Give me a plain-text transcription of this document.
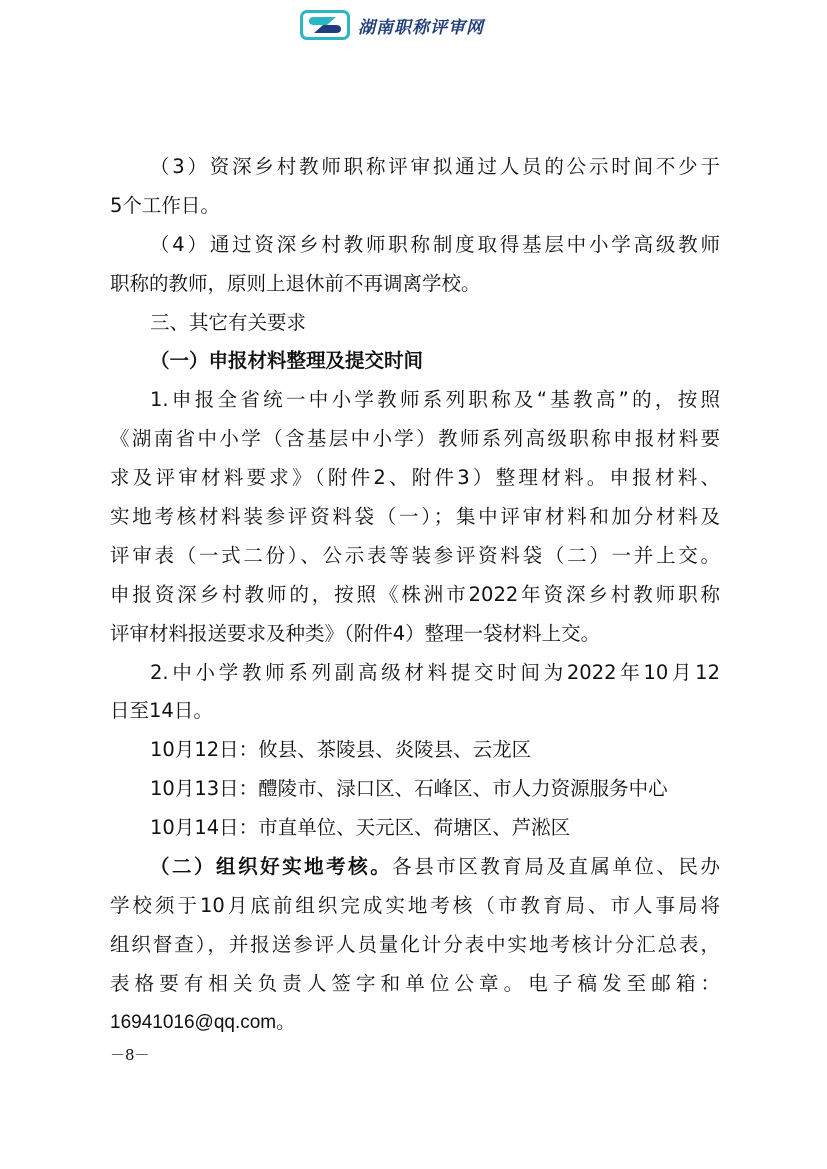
湖南职称评审网
（3）资深乡村教师职称评审拟通过人员的公示时间不少于
5个工作日。
（4）通过资深乡村教师职称制度取得基层中小学高级教师
职称的教师，原则上退休前不再调离学校。
三、其它有关要求
（一）申报材料整理及提交时间
1.申报全省统一中小学教师系列职称及“基教高”的，按照
《湖南省中小学（含基层中小学）教师系列高级职称申报材料要
求及评审材料要求》（附件2、附件3）整理材料。申报材料、
实地考核材料装参评资料袋（一）；集中评审材料和加分材料及
评审表（一式二份）、公示表等装参评资料袋（二）一并上交。
申报资深乡村教师的，按照《株洲市2022年资深乡村教师职称
评审材料报送要求及种类》（附件4）整理一袋材料上交。
2.中小学教师系列副高级材料提交时间为2022年10月12
日至14日。
10月12日：攸县、茶陵县、炎陵县、云龙区
10月13日：醴陵市、渌口区、石峰区、市人力资源服务中心
10月14日：市直单位、天元区、荷塘区、芦淞区
（二）组织好实地考核。各县市区教育局及直属单位、民办
学校须于10月底前组织完成实地考核（市教育局、市人事局将
组织督查），并报送参评人员量化计分表中实地考核计分汇总表，
表格要有相关负责人签字和单位公章。电子稿发至邮箱：
16941016@qq.com。
－8－
